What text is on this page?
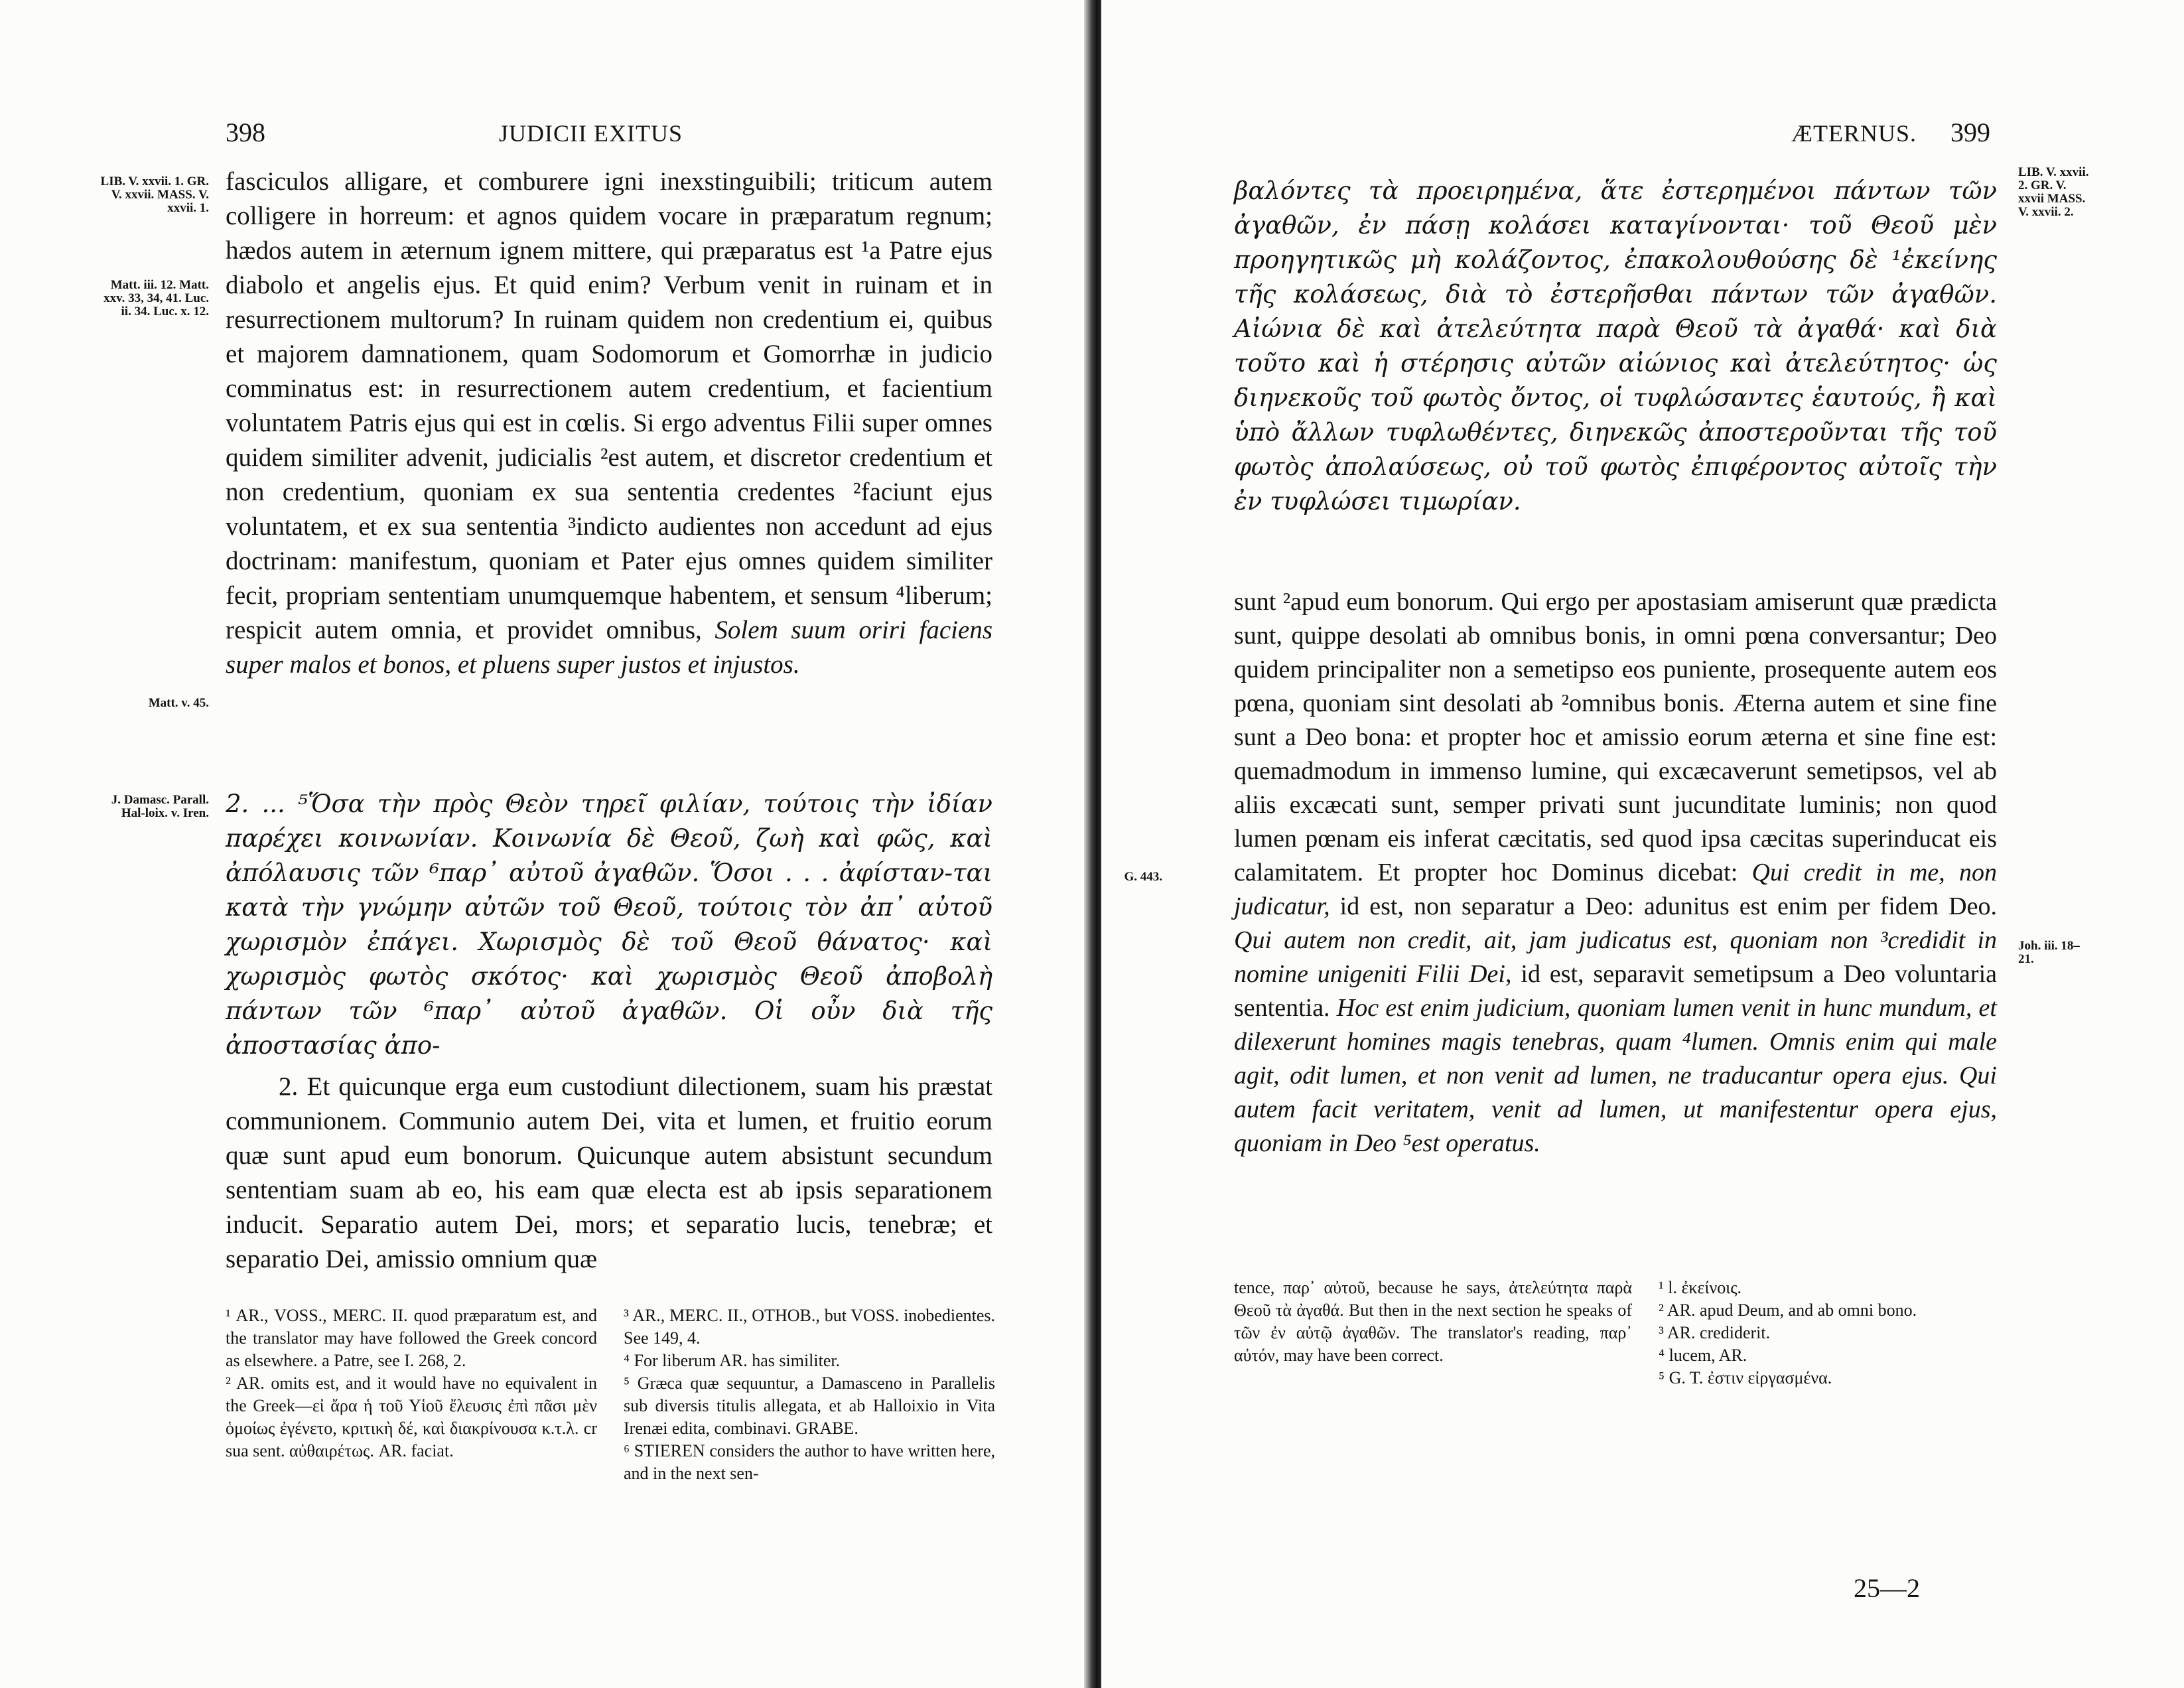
398	JUDICII EXITUS
LIB. V. xxvii. 1. GR. V. xxvii. MASS. V. xxvii. 1.
Matt. iii. 12. Matt. xxv. 33, 34, 41. Luc. ii. 34. Luc. x. 12.
Matt. v. 45.
J. Damasc. Parall. Hal-loix. v. Iren.

fasciculos alligare, et comburere igni inexstinguibili; triticum autem colligere in horreum: et agnos quidem vocare in præparatum regnum; hædos autem in æternum ignem mittere, qui præparatus est ¹a Patre ejus diabolo et angelis ejus. Et quid enim? Verbum venit in ruinam et in resurrectionem multorum? In ruinam quidem non credentium ei, quibus et majorem damnationem, quam Sodomorum et Gomorrhæ in judicio comminatus est: in resurrectionem autem credentium, et facientium voluntatem Patris ejus qui est in cœlis. Si ergo adventus Filii super omnes quidem similiter advenit, judicialis ²est autem, et discretor credentium et non credentium, quoniam ex sua sententia credentes ²faciunt ejus voluntatem, et ex sua sententia ³indicto audientes non accedunt ad ejus doctrinam: manifestum, quoniam et Pater ejus omnes quidem similiter fecit, propriam sententiam unumquemque habentem, et sensum ⁴liberum; respicit autem omnia, et providet omnibus, Solem suum oriri faciens super malos et bonos, et pluens super justos et injustos.

2. ... ⁵Ὅσα τὴν πρὸς Θεὸν τηρεῖ φιλίαν, τούτοις τὴν ἰδίαν παρέχει κοινωνίαν. Κοινωνία δὲ Θεοῦ, ζωὴ καὶ φῶς, καὶ ἀπόλαυσις τῶν ⁶παρ᾽ αὐτοῦ ἀγαθῶν. Ὅσοι . . . ἀφίσταν-ται κατὰ τὴν γνώμην αὐτῶν τοῦ Θεοῦ, τούτοις τὸν ἀπ᾽ αὐτοῦ χωρισμὸν ἐπάγει. Χωρισμὸς δὲ τοῦ Θεοῦ θάνατος· καὶ χωρισμὸς φωτὸς σκότος· καὶ χωρισμὸς Θεοῦ ἀποβολὴ πάντων τῶν ⁶παρ᾽ αὐτοῦ ἀγαθῶν. Οἱ οὖν διὰ τῆς ἀποστασίας ἀπο-

2. Et quicunque erga eum custodiunt dilectionem, suam his præstat communionem. Communio autem Dei, vita et lumen, et fruitio eorum quæ sunt apud eum bonorum. Quicunque autem absistunt secundum sententiam suam ab eo, his eam quæ electa est ab ipsis separationem inducit. Separatio autem Dei, mors; et separatio lucis, tenebræ; et separatio Dei, amissio omnium quæ

¹ AR., VOSS., MERC. II. quod præparatum est, and the translator may have followed the Greek concord as elsewhere. a Patre, see I. 268, 2.

² AR. omits est, and it would have no equivalent in the Greek—εἰ ἄρα ἡ τοῦ Υἱοῦ ἔλευσις ἐπὶ πᾶσι μὲν ὁμοίως ἐγένετο, κριτικὴ δέ, καὶ διακρίνουσα κ.τ.λ. cr sua sent. αὐθαιρέτως. AR. faciat.

³ AR., MERC. II., OTHOB., but VOSS. inobedientes. See 149, 4.

⁴ For liberum AR. has similiter.

⁵ Græca quæ sequuntur, a Damasceno in Parallelis sub diversis titulis allegata, et ab Halloixio in Vita Irenæi edita, combinavi. GRABE.

⁶ STIEREN considers the author to have written here, and in the next sen-

ÆTERNUS. 399
LIB. V. xxvii. 2. GR. V. xxvii MASS. V. xxvii. 2.
G. 443.
Joh. iii. 18–21.
βαλόντες τὰ προειρημένα, ἅτε ἐστερημένοι πάντων τῶν ἀγαθῶν, ἐν πάσῃ κολάσει καταγίνονται· τοῦ Θεοῦ μὲν προηγητικῶς μὴ κολάζοντος, ἐπακολουθούσης δὲ ¹ἐκείνης τῆς κολάσεως, διὰ τὸ ἐστερῆσθαι πάντων τῶν ἀγαθῶν. Αἰώνια δὲ καὶ ἀτελεύτητα παρὰ Θεοῦ τὰ ἀγαθά· καὶ διὰ τοῦτο καὶ ἡ στέρησις αὐτῶν αἰώνιος καὶ ἀτελεύτητος· ὡς διηνεκοῦς τοῦ φωτὸς ὄντος, οἱ τυφλώσαντες ἑαυτούς, ἢ καὶ ὑπὸ ἄλλων τυφλωθέντες, διηνεκῶς ἀποστεροῦνται τῆς τοῦ φωτὸς ἀπολαύσεως, οὐ τοῦ φωτὸς ἐπιφέροντος αὐτοῖς τὴν ἐν τυφλώσει τιμωρίαν.

sunt ²apud eum bonorum. Qui ergo per apostasiam amiserunt quæ prædicta sunt, quippe desolati ab omnibus bonis, in omni pœna conversantur; Deo quidem principaliter non a semetipso eos puniente, prosequente autem eos pœna, quoniam sint desolati ab ²omnibus bonis. Æterna autem et sine fine sunt a Deo bona: et propter hoc et amissio eorum æterna et sine fine est: quemadmodum in immenso lumine, qui excæcaverunt semetipsos, vel ab aliis excæcati sunt, semper privati sunt jucunditate luminis; non quod lumen pœnam eis inferat cæcitatis, sed quod ipsa cæcitas superinducat eis calamitatem. Et propter hoc Dominus dicebat: Qui credit in me, non judicatur, id est, non separatur a Deo: adunitus est enim per fidem Deo. Qui autem non credit, ait, jam judicatus est, quoniam non ³credidit in nomine unigeniti Filii Dei, id est, separavit semetipsum a Deo voluntaria sententia. Hoc est enim judicium, quoniam lumen venit in hunc mundum, et dilexerunt homines magis tenebras, quam ⁴lumen. Omnis enim qui male agit, odit lumen, et non venit ad lumen, ne traducantur opera ejus. Qui autem facit veritatem, venit ad lumen, ut manifestentur opera ejus, quoniam in Deo ⁵est operatus.

tence, παρ᾽ αὐτοῦ, because he says, ἀτελεύτητα παρὰ Θεοῦ τὰ ἀγαθά. But then in the next section he speaks of τῶν ἐν αὐτῷ ἀγαθῶν. The translator's reading, παρ᾽ αὐτόν, may have been correct.

¹ l. ἐκείνοις.

² AR. apud Deum, and ab omni bono.

³ AR. crediderit.

⁴ lucem, AR.

⁵ G. T. ἐστιν εἰργασμένα.

25—2
